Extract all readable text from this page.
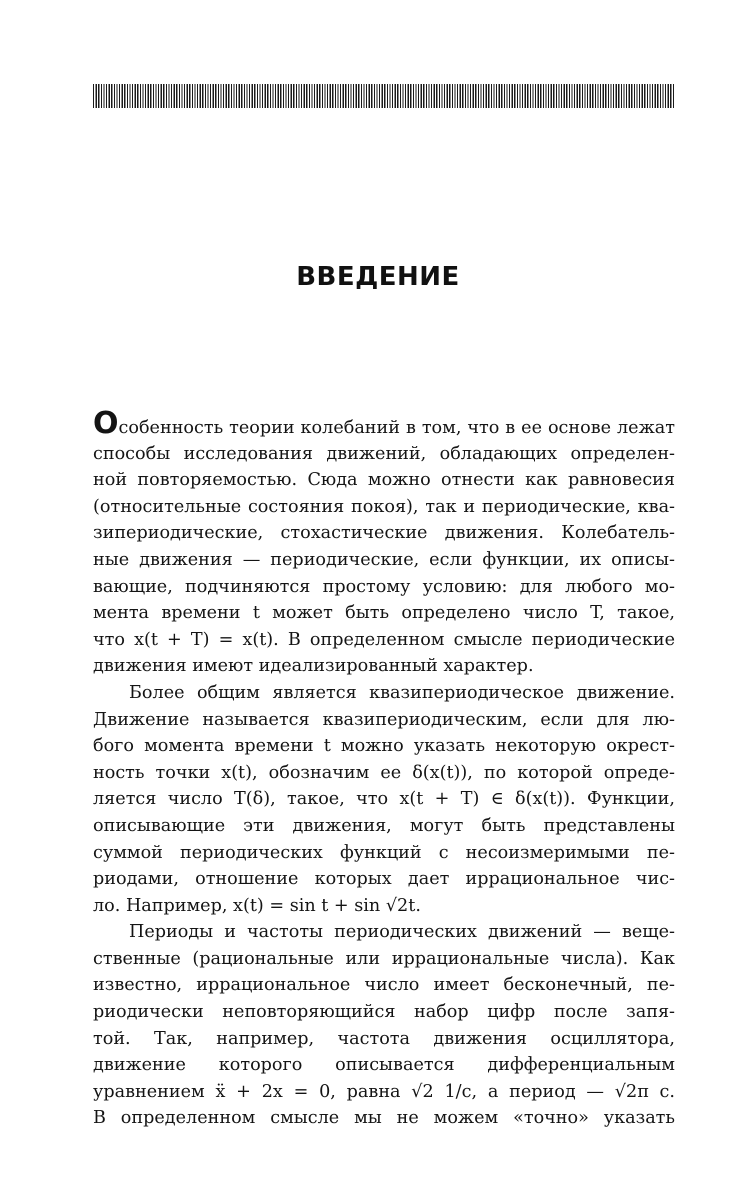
ВВЕДЕНИЕ
Особенность теории колебаний в том, что в ее основе лежат
способы исследования движений, обладающих определен-
ной повторяемостью. Сюда можно отнести как равновесия
(относительные состояния покоя), так и периодические, ква-
зипериодические, стохастические движения. Колебатель-
ные движения — периодические, если функции, их описы-
вающие, подчиняются простому условию: для любого мо-
мента времени t может быть определено число T, такое,
что x(t + T) = x(t). В определенном смысле периодические
движения имеют идеализированный характер.
Более общим является квазипериодическое движение.
Движение называется квазипериодическим, если для лю-
бого момента времени t можно указать некоторую окрест-
ность точки x(t), обозначим ее δ(x(t)), по которой опреде-
ляется число T(δ), такое, что x(t + T) ∈ δ(x(t)). Функции,
описывающие эти движения, могут быть представлены
суммой периодических функций с несоизмеримыми пе-
риодами, отношение которых дает иррациональное чис-
ло. Например, x(t) = sin t + sin √2t.
Периоды и частоты периодических движений — веще-
ственные (рациональные или иррациональные числа). Как
известно, иррациональное число имеет бесконечный, пе-
риодически неповторяющийся набор цифр после запя-
той. Так, например, частота движения осциллятора,
движение которого описывается дифференциальным
уравнением ẍ + 2x = 0, равна √2 1/c, а период — √2π c.
В определенном смысле мы не можем «точно» указать
